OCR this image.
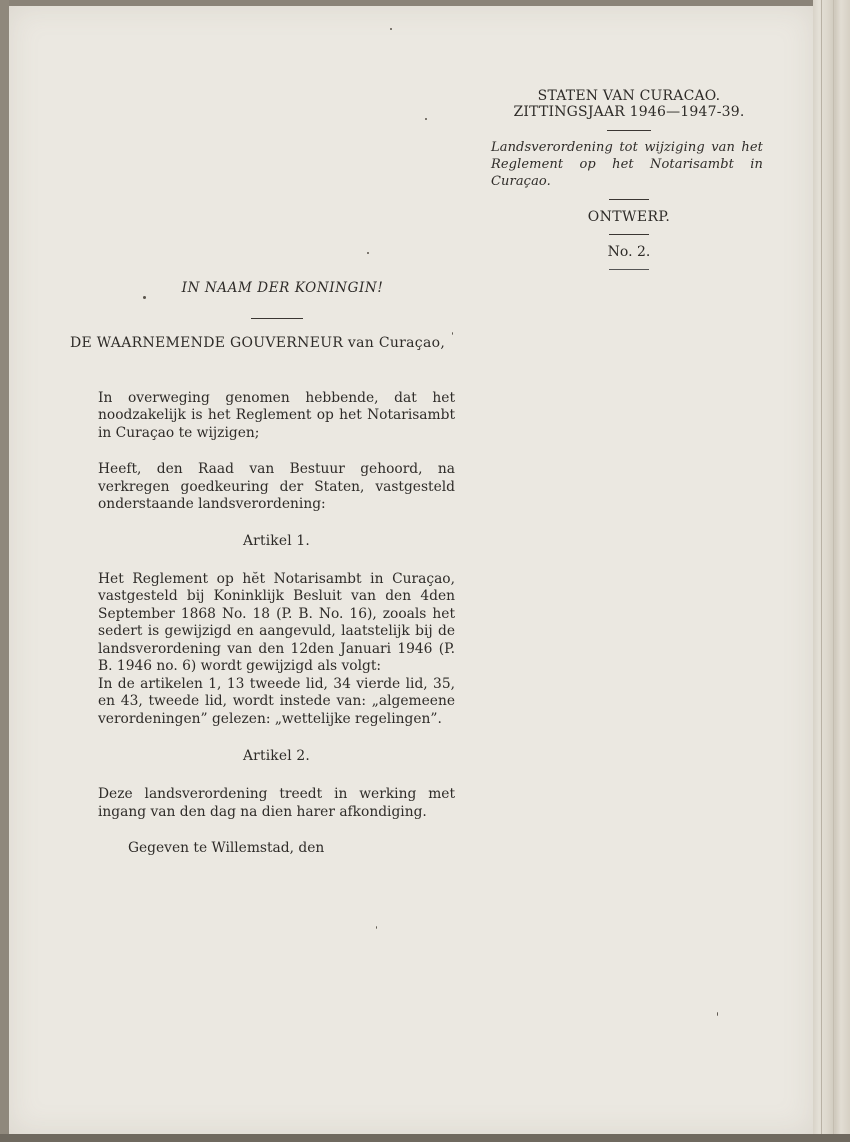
STATEN VAN CURACAO.

ZITTINGSJAAR 1946—1947-39.

Landsverordening tot wijziging van het Reglement op het Notarisambt in Curaçao.

ONTWERP.

No. 2.

IN NAAM DER KONINGIN!

DE WAARNEMENDE GOUVERNEUR van Curaçao,

In overweging genomen hebbende, dat het noodzakelijk is het Reglement op het Notarisambt in Curaçao te wijzigen;

Heeft, den Raad van Bestuur gehoord, na verkregen goedkeuring der Staten, vastgesteld onderstaande landsverordening:

Artikel 1.

Het Reglement op hĕt Notarisambt in Curaçao, vastgesteld bij Koninklijk Besluit van den 4den September 1868 No. 18 (P. B. No. 16), zooals het sedert is gewijzigd en aangevuld, laatstelijk bij de landsverordening van den 12den Januari 1946 (P. B. 1946 no. 6) wordt gewijzigd als volgt:

In de artikelen 1, 13 tweede lid, 34 vierde lid, 35, en 43, tweede lid, wordt instede van: „algemeene verordeningen” gelezen: „wettelijke regelingen”.

Artikel 2.

Deze landsverordening treedt in werking met ingang van den dag na dien harer afkondiging.

Gegeven te Willemstad, den
